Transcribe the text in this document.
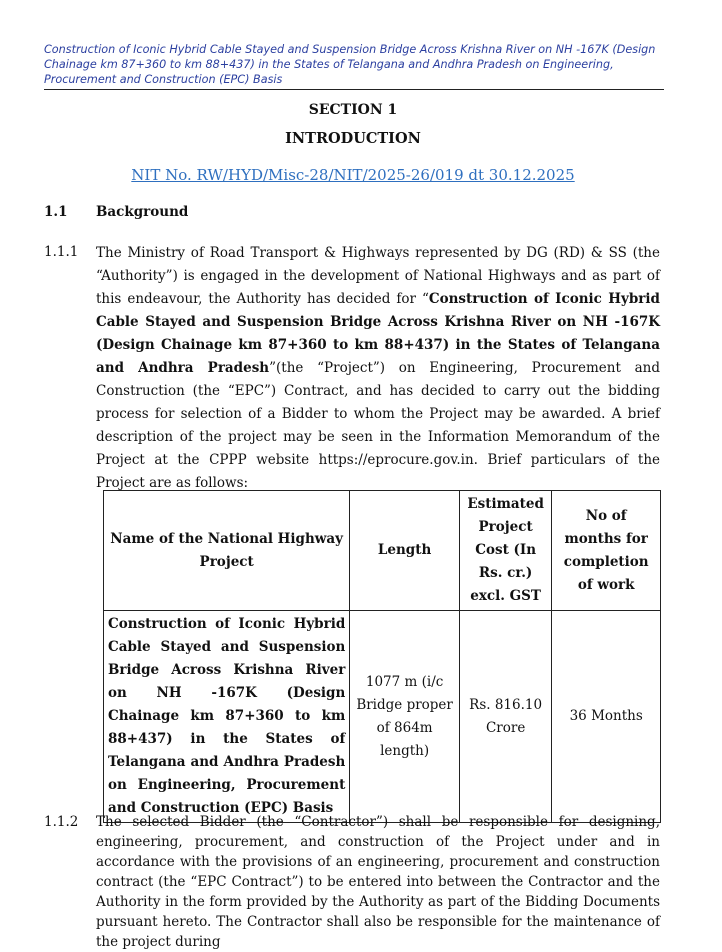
Construction of Iconic Hybrid Cable Stayed and Suspension Bridge Across Krishna River on NH -167K (Design Chainage km 87+360 to km 88+437) in the States of Telangana and Andhra Pradesh on Engineering, Procurement and Construction (EPC) Basis
SECTION 1
INTRODUCTION
NIT No. RW/HYD/Misc-28/NIT/2025-26/019 dt 30.12.2025
1.1 Background
1.1.1 The Ministry of Road Transport & Highways represented by DG (RD) & SS (the “Authority”) is engaged in the development of National Highways and as part of this endeavour, the Authority has decided for “Construction of Iconic Hybrid Cable Stayed and Suspension Bridge Across Krishna River on NH -167K (Design Chainage km 87+360 to km 88+437) in the States of Telangana and Andhra Pradesh”(the “Project”) on Engineering, Procurement and Construction (the “EPC”) Contract, and has decided to carry out the bidding process for selection of a Bidder to whom the Project may be awarded. A brief description of the project may be seen in the Information Memorandum of the Project at the CPPP website https://eprocure.gov.in. Brief particulars of the Project are as follows:

Name of the National Highway Project	Length	Estimated Project Cost (In Rs. cr.) excl. GST	No of months for completion of work
Construction of Iconic Hybrid Cable Stayed and Suspension Bridge Across Krishna River on NH -167K (Design Chainage km 87+360 to km 88+437) in the States of Telangana and Andhra Pradesh on Engineering, Procurement and Construction (EPC) Basis	1077 m (i/c Bridge proper of 864m length)	Rs. 816.10 Crore	36 Months
1.1.2 The selected Bidder (the “Contractor”) shall be responsible for designing, engineering, procurement, and construction of the Project under and in accordance with the provisions of an engineering, procurement and construction contract (the “EPC Contract”) to be entered into between the Contractor and the Authority in the form provided by the Authority as part of the Bidding Documents pursuant hereto. The Contractor shall also be responsible for the maintenance of the project during
